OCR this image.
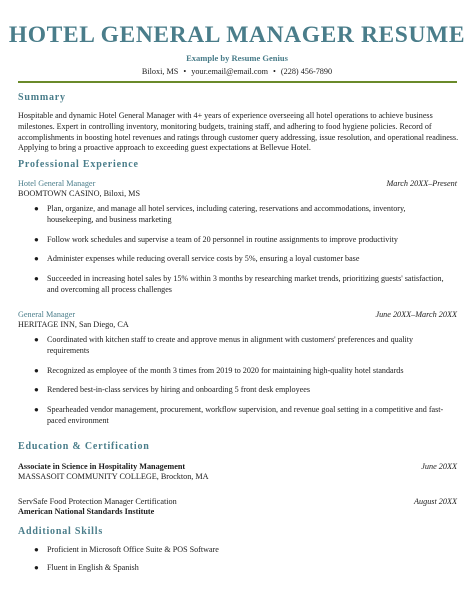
HOTEL GENERAL MANAGER RESUME
Example by Resume Genius
Biloxi, MS • your.email@email.com • (228) 456-7890
Summary
Hospitable and dynamic Hotel General Manager with 4+ years of experience overseeing all hotel operations to achieve business milestones. Expert in controlling inventory, monitoring budgets, training staff, and adhering to food hygiene policies. Record of accomplishments in boosting hotel revenues and ratings through customer query addressing, issue resolution, and operational readiness. Applying to bring a proactive approach to exceeding guest expectations at Bellevue Hotel.
Professional Experience
Hotel General Manager	March 20XX–Present
BOOMTOWN CASINO, Biloxi, MS
● Plan, organize, and manage all hotel services, including catering, reservations and accommodations, inventory, housekeeping, and business marketing
● Follow work schedules and supervise a team of 20 personnel in routine assignments to improve productivity
● Administer expenses while reducing overall service costs by 5%, ensuring a loyal customer base
● Succeeded in increasing hotel sales by 15% within 3 months by researching market trends, prioritizing guests' satisfaction, and overcoming all process challenges
General Manager	June 20XX–March 20XX
HERITAGE INN, San Diego, CA
● Coordinated with kitchen staff to create and approve menus in alignment with customers' preferences and quality requirements
● Recognized as employee of the month 3 times from 2019 to 2020 for maintaining high-quality hotel standards
● Rendered best-in-class services by hiring and onboarding 5 front desk employees
● Spearheaded vendor management, procurement, workflow supervision, and revenue goal setting in a competitive and fast-paced environment
Education & Certification
Associate in Science in Hospitality Management	June 20XX
MASSASOIT COMMUNITY COLLEGE, Brockton, MA
ServSafe Food Protection Manager Certification	August 20XX
American National Standards Institute
Additional Skills
● Proficient in Microsoft Office Suite & POS Software
● Fluent in English & Spanish
